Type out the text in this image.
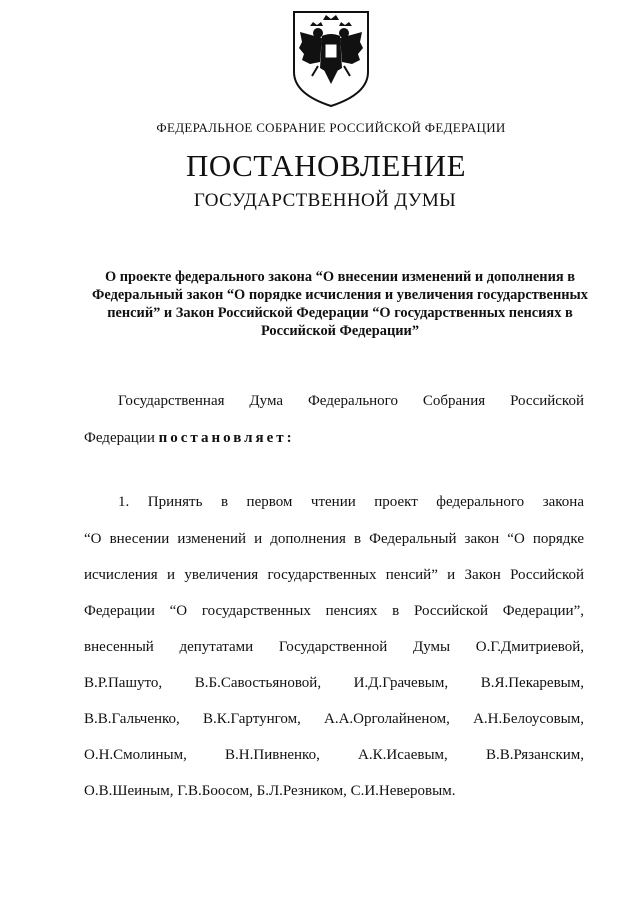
ФЕДЕРАЛЬНОЕ СОБРАНИЕ РОССИЙСКОЙ ФЕДЕРАЦИИ
ПОСТАНОВЛЕНИЕ
ГОСУДАРСТВЕННОЙ ДУМЫ
О проекте федерального закона “О внесении изменений и дополнения в Федеральный закон “О порядке исчисления и увеличения государственных пенсий” и Закон Российской Федерации “О государственных пенсиях в Российской Федерации”
Государственная Дума Федерального Собрания Российской
Федерации постановляет:
1. Принять в первом чтении проект федерального закона
“О внесении изменений и дополнения в Федеральный закон “О порядке
исчисления и увеличения государственных пенсий” и Закон Российской
Федерации “О государственных пенсиях в Российской Федерации”,
внесенный депутатами Государственной Думы О.Г.Дмитриевой,
В.Р.Пашуто, В.Б.Савостьяновой, И.Д.Грачевым, В.Я.Пекаревым,
В.В.Гальченко, В.К.Гартунгом, А.А.Орголайненом, А.Н.Белоусовым,
О.Н.Смолиным, В.Н.Пивненко, А.К.Исаевым, В.В.Рязанским,
О.В.Шеиным, Г.В.Боосом, Б.Л.Резником, С.И.Неверовым.
